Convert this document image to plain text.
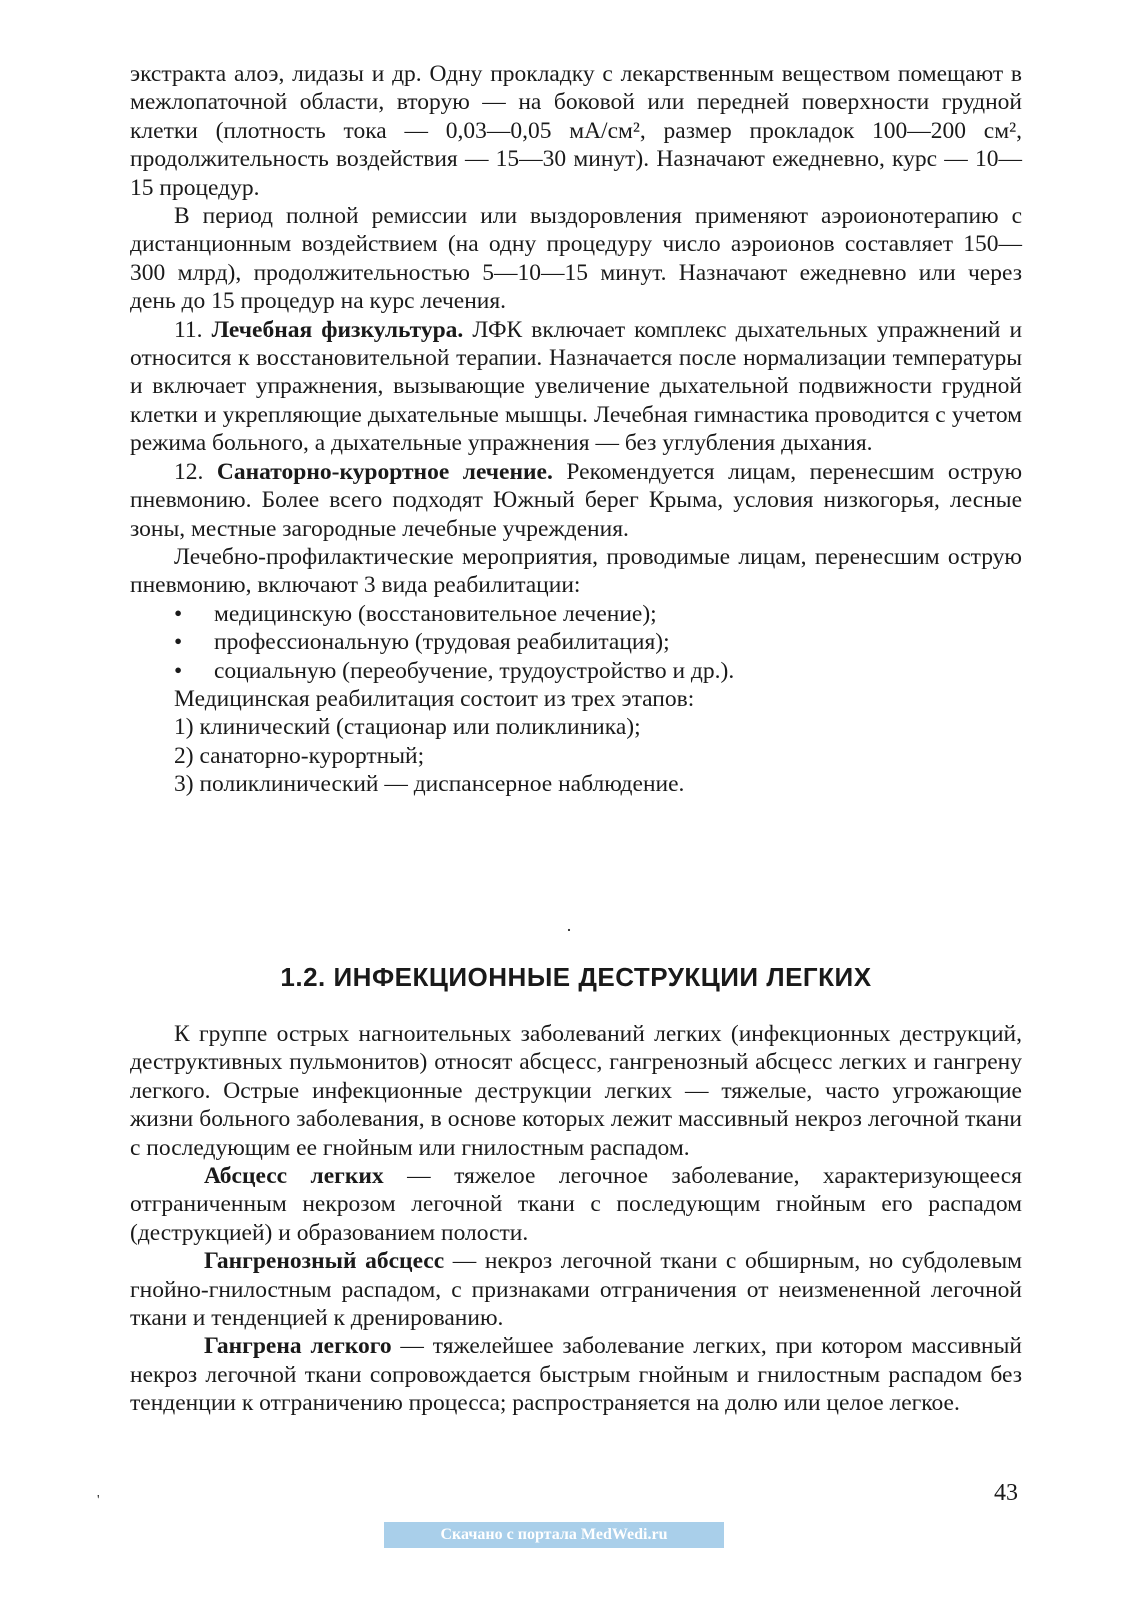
экстракта алоэ, лидазы и др. Одну прокладку с лекарственным веществом помещают в межлопаточной области, вторую — на боковой или передней поверхности грудной клетки (плотность тока — 0,03—0,05 мА/см², размер прокладок 100—200 см², продолжительность воздействия — 15—30 минут). Назначают ежедневно, курс — 10—15 процедур.

В период полной ремиссии или выздоровления применяют аэроионотерапию с дистанционным воздействием (на одну процедуру число аэроионов составляет 150—300 млрд), продолжительностью 5—10—15 минут. Назначают ежедневно или через день до 15 процедур на курс лечения.

11. Лечебная физкультура. ЛФК включает комплекс дыхательных упражнений и относится к восстановительной терапии. Назначается после нормализации температуры и включает упражнения, вызывающие увеличение дыхательной подвижности грудной клетки и укрепляющие дыхательные мышцы. Лечебная гимнастика проводится с учетом режима больного, а дыхательные упражнения — без углубления дыхания.

12. Санаторно-курортное лечение. Рекомендуется лицам, перенесшим острую пневмонию. Более всего подходят Южный берег Крыма, условия низкогорья, лесные зоны, местные загородные лечебные учреждения.

Лечебно-профилактические мероприятия, проводимые лицам, перенесшим острую пневмонию, включают 3 вида реабилитации:

• медицинскую (восстановительное лечение);
• профессиональную (трудовая реабилитация);
• социальную (переобучение, трудоустройство и др.).

Медицинская реабилитация состоит из трех этапов:

1) клинический (стационар или поликлиника);
2) санаторно-курортный;
3) поликлинический — диспансерное наблюдение.
·
1.2. ИНФЕКЦИОННЫЕ ДЕСТРУКЦИИ ЛЕГКИХ

К группе острых нагноительных заболеваний легких (инфекционных деструкций, деструктивных пульмонитов) относят абсцесс, гангренозный абсцесс легких и гангрену легкого. Острые инфекционные деструкции легких — тяжелые, часто угрожающие жизни больного заболевания, в основе которых лежит массивный некроз легочной ткани с последующим ее гнойным или гнилостным распадом.

Абсцесс легких — тяжелое легочное заболевание, характеризующееся отграниченным некрозом легочной ткани с последующим гнойным его распадом (деструкцией) и образованием полости.

Гангренозный абсцесс — некроз легочной ткани с обширным, но субдолевым гнойно-гнилостным распадом, с признаками отграничения от неизмененной легочной ткани и тенденцией к дренированию.

Гангрена легкого — тяжелейшее заболевание легких, при котором массивный некроз легочной ткани сопровождается быстрым гнойным и гнилостным распадом без тенденции к отграничению процесса; распространяется на долю или целое легкое.

'	43
Скачано с портала MedWedi.ru
